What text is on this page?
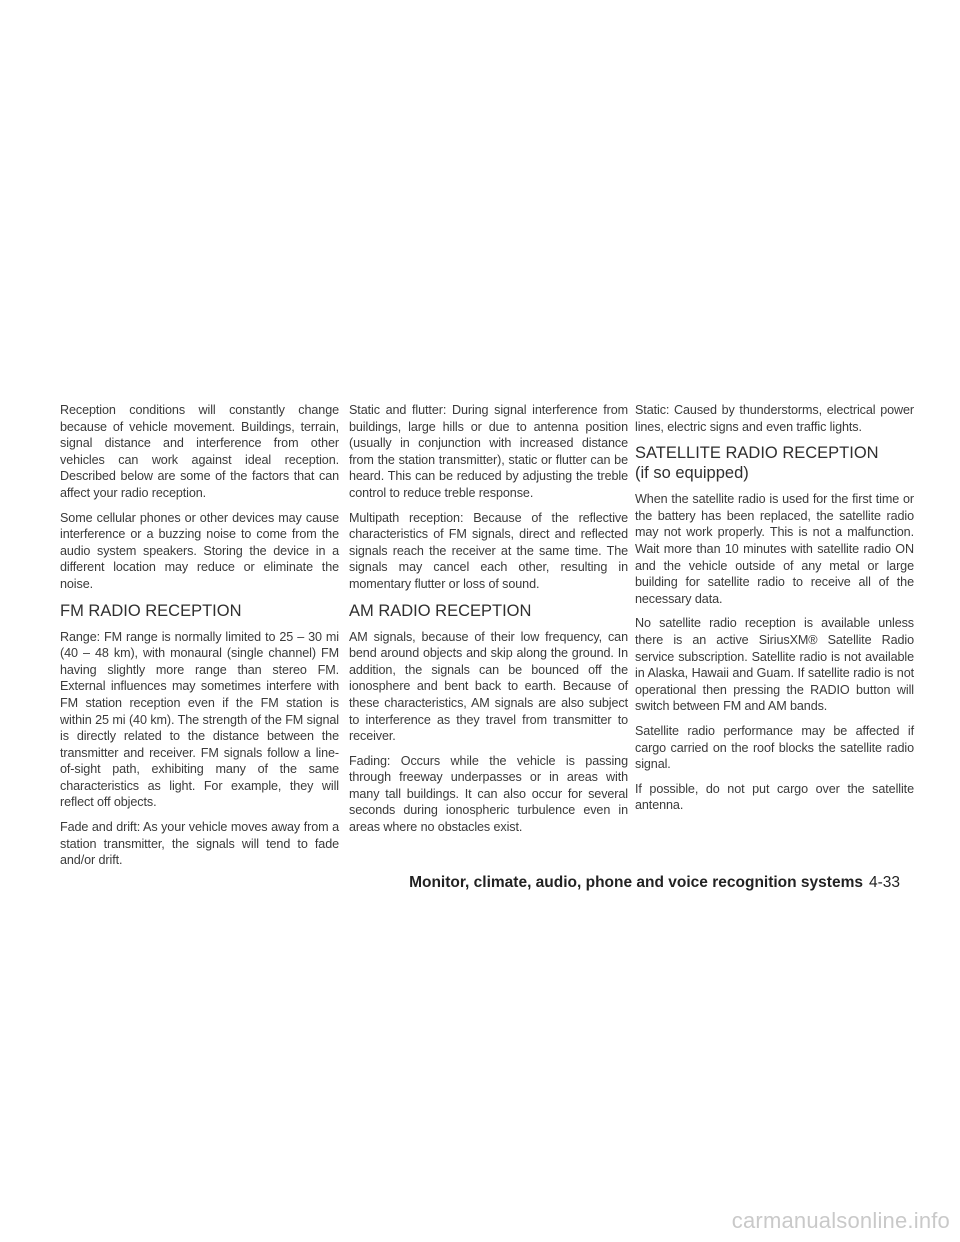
Reception conditions will constantly change because of vehicle movement. Buildings, terrain, signal distance and interference from other vehicles can work against ideal reception. Described below are some of the factors that can affect your radio reception.

Some cellular phones or other devices may cause interference or a buzzing noise to come from the audio system speakers. Storing the device in a different location may reduce or eliminate the noise.

FM RADIO RECEPTION

Range: FM range is normally limited to 25 – 30 mi (40 – 48 km), with monaural (single channel) FM having slightly more range than stereo FM. External influences may sometimes interfere with FM station reception even if the FM station is within 25 mi (40 km). The strength of the FM signal is directly related to the distance between the transmitter and receiver. FM signals follow a line-of-sight path, exhibiting many of the same characteristics as light. For example, they will reflect off objects.

Fade and drift: As your vehicle moves away from a station transmitter, the signals will tend to fade and/or drift.

Static and flutter: During signal interference from buildings, large hills or due to antenna position (usually in conjunction with increased distance from the station transmitter), static or flutter can be heard. This can be reduced by adjusting the treble control to reduce treble response.

Multipath reception: Because of the reflective characteristics of FM signals, direct and reflected signals reach the receiver at the same time. The signals may cancel each other, resulting in momentary flutter or loss of sound.

AM RADIO RECEPTION

AM signals, because of their low frequency, can bend around objects and skip along the ground. In addition, the signals can be bounced off the ionosphere and bent back to earth. Because of these characteristics, AM signals are also subject to interference as they travel from transmitter to receiver.

Fading: Occurs while the vehicle is passing through freeway underpasses or in areas with many tall buildings. It can also occur for several seconds during ionospheric turbulence even in areas where no obstacles exist.

Static: Caused by thunderstorms, electrical power lines, electric signs and even traffic lights.

SATELLITE RADIO RECEPTION
(if so equipped)

When the satellite radio is used for the first time or the battery has been replaced, the satellite radio may not work properly. This is not a malfunction. Wait more than 10 minutes with satellite radio ON and the vehicle outside of any metal or large building for satellite radio to receive all of the necessary data.

No satellite radio reception is available unless there is an active SiriusXM® Satellite Radio service subscription. Satellite radio is not available in Alaska, Hawaii and Guam. If satellite radio is not operational then pressing the RADIO button will switch between FM and AM bands.

Satellite radio performance may be affected if cargo carried on the roof blocks the satellite radio signal.

If possible, do not put cargo over the satellite antenna.

Monitor, climate, audio, phone and voice recognition systems 4-33
carmanualsonline.info
